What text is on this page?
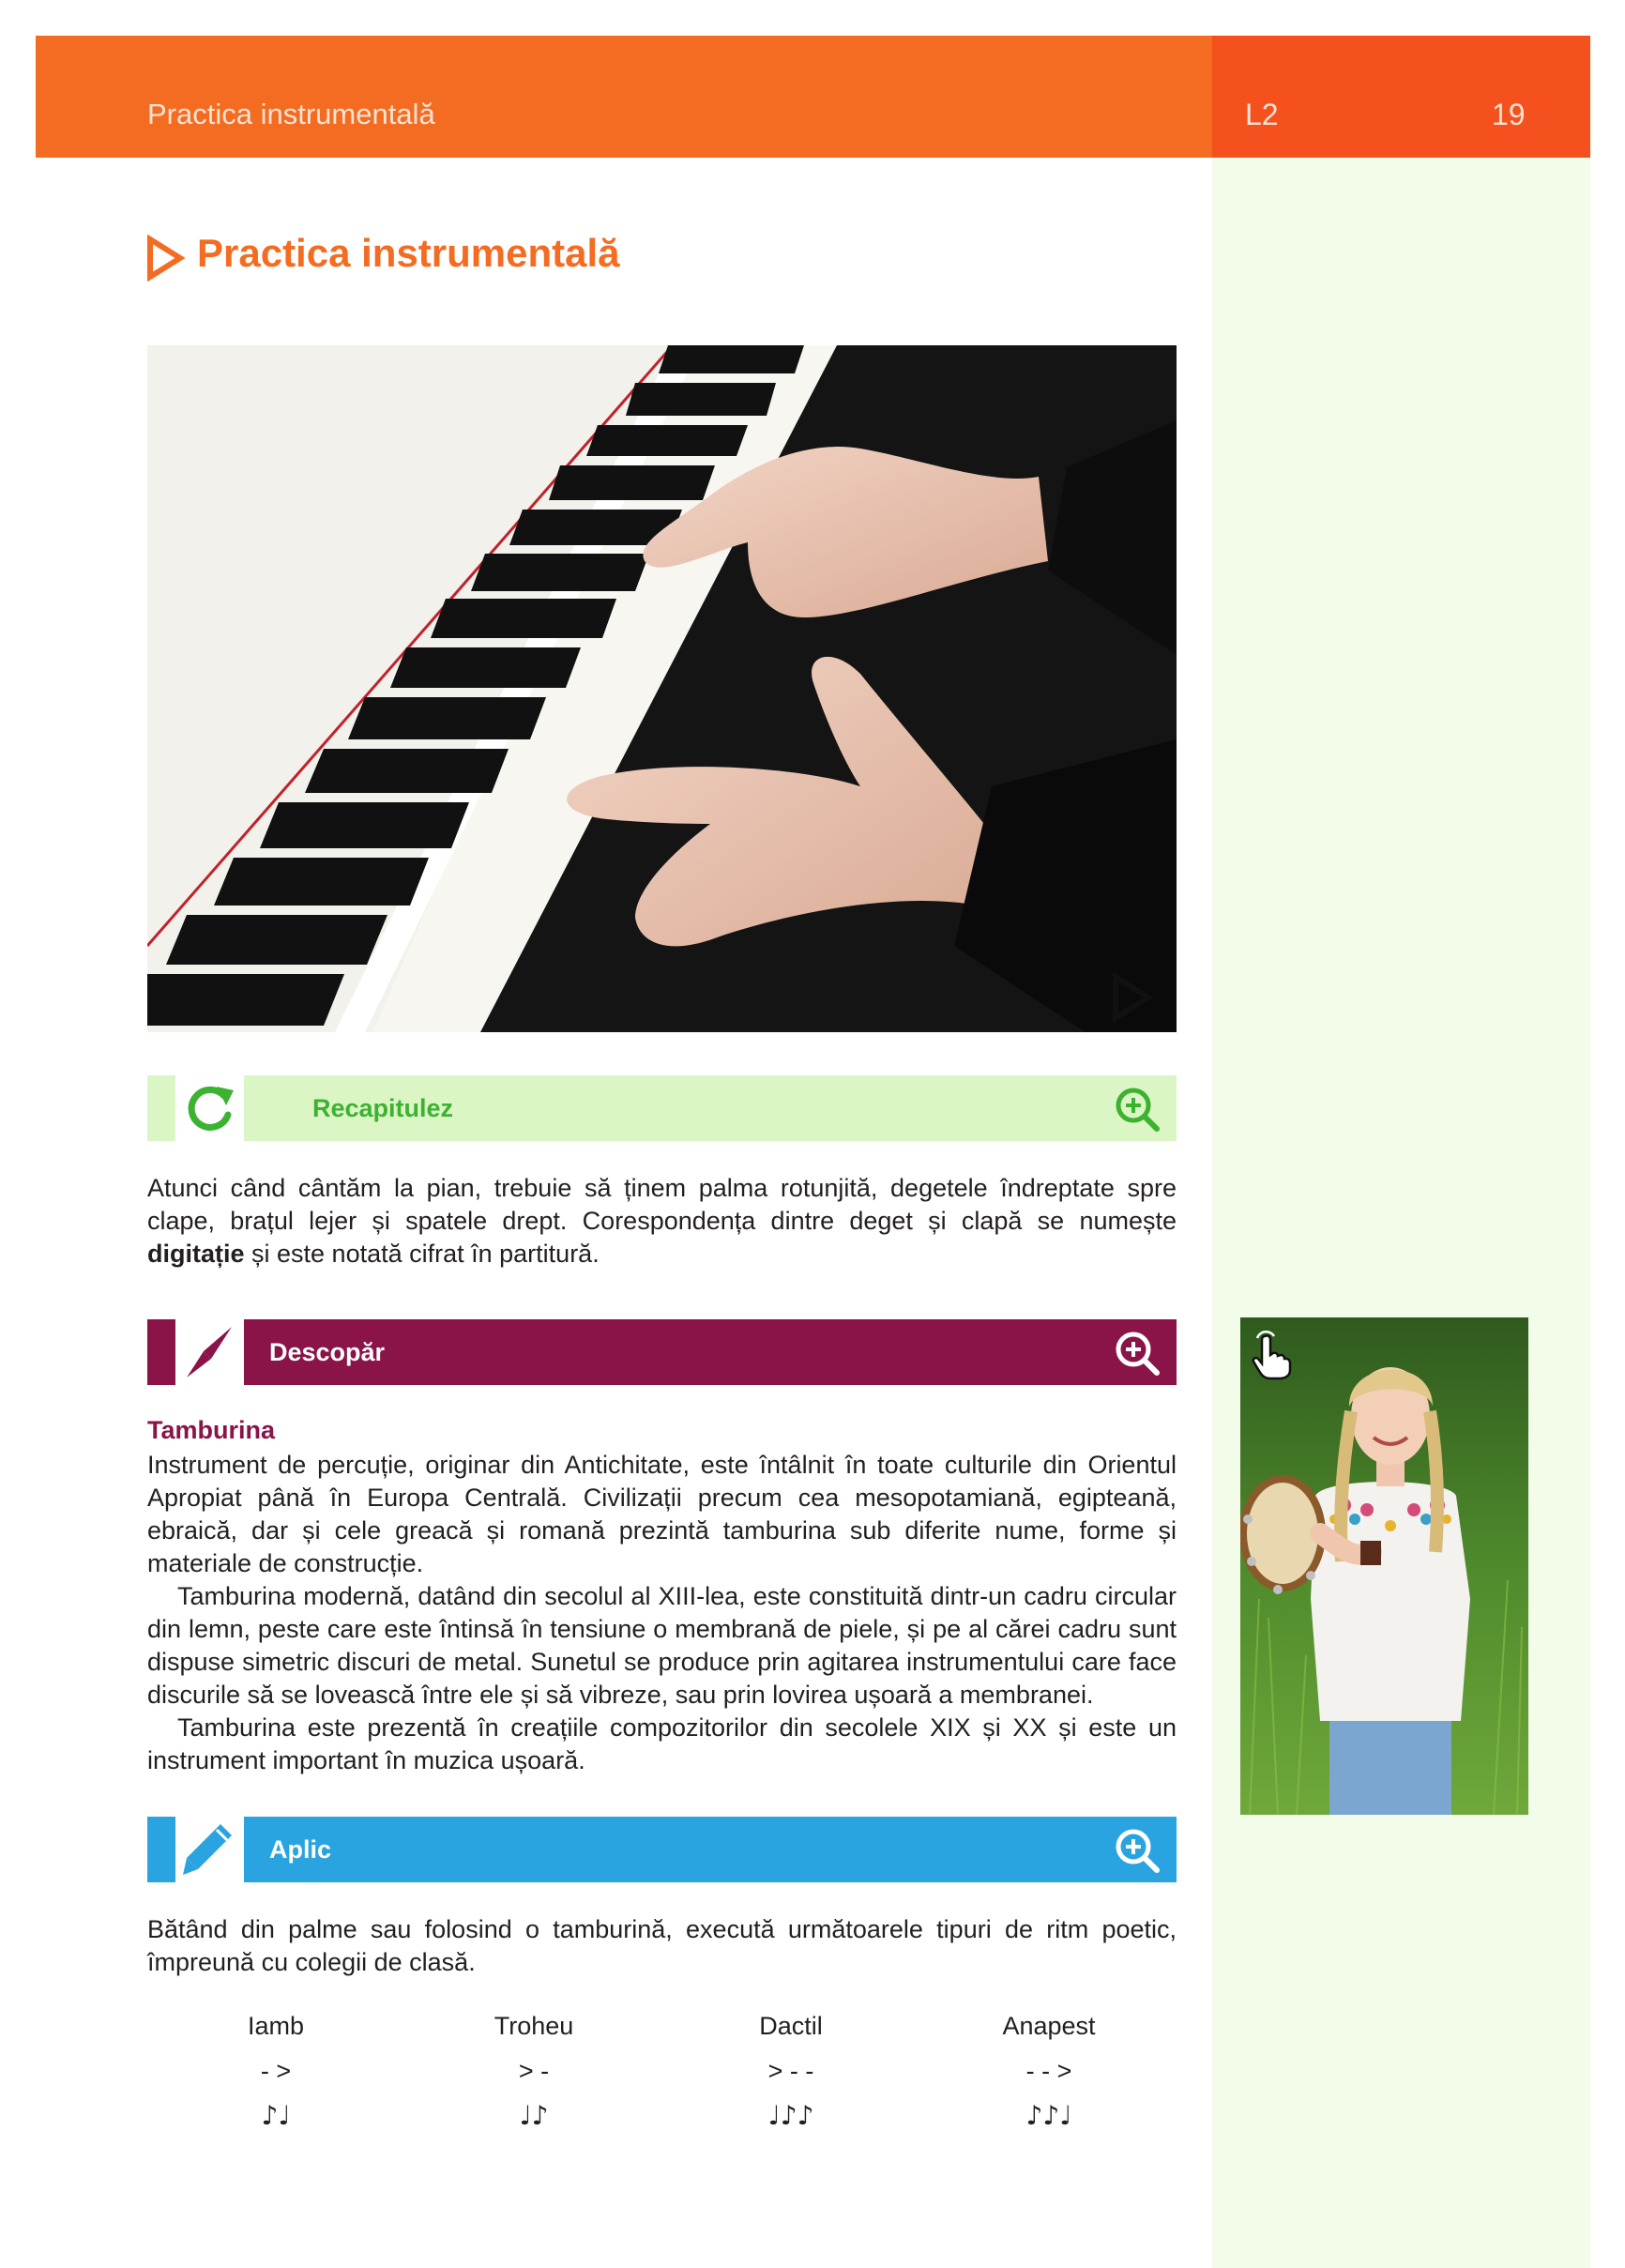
Practica instrumentală	L2	19
Practica instrumentală
Recapitulez

Atunci când cântăm la pian, trebuie să ținem palma rotunjită, degetele îndreptate spre clape, brațul lejer și spatele drept. Corespondența dintre deget și clapă se numește digitație și este notată cifrat în partitură.

Descopăr
Tamburina

Instrument de percuție, originar din Antichitate, este întâlnit în toate culturile din Orientul Apropiat până în Europa Centrală. Civilizații precum cea mesopotamiană, egipteană, ebraică, dar și cele greacă și romană prezintă tamburina sub diferite nume, forme și materiale de construcție.

Tamburina modernă, datând din secolul al XIII-lea, este constituită dintr-un cadru circular din lemn, peste care este întinsă în tensiune o membrană de piele, și pe al cărei cadru sunt dispuse simetric discuri de metal. Sunetul se produce prin agitarea instrumentului care face discurile să se lovească între ele și să vibreze, sau prin lovirea ușoară a membranei.

Tamburina este prezentă în creațiile compozitorilor din secolele XIX și XX și este un instrument important în muzica ușoară.

Aplic

Bătând din palme sau folosind o tamburină, execută următoarele tipuri de ritm poetic, împreună cu colegii de clasă.

Iamb	Troheu	Dactil	Anapest
- >	> -	> - -	- - >
♪♩	♩♪	♩♪♪	♪♪♩
